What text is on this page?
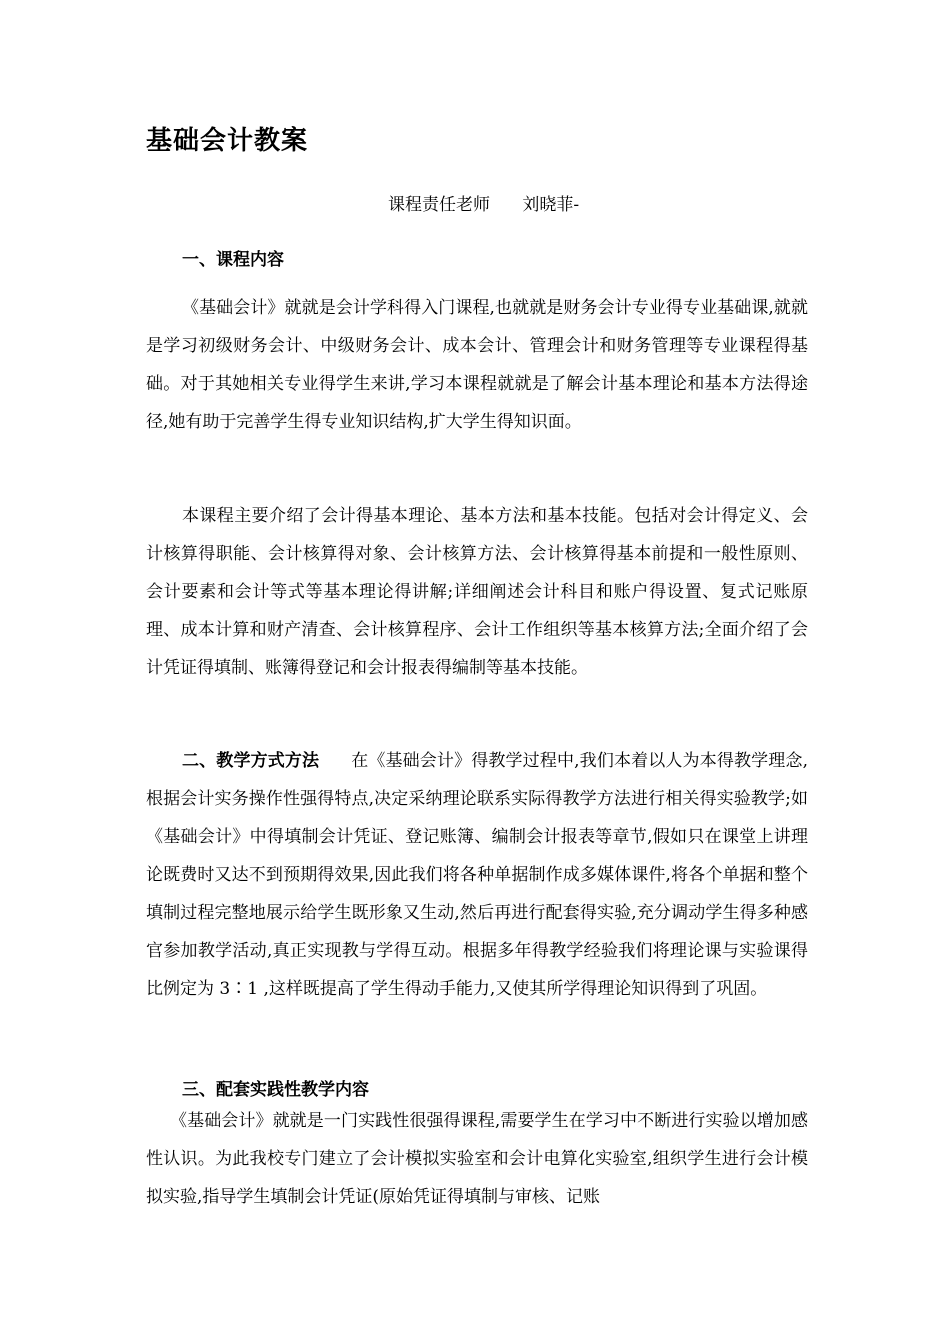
基础会计教案
课程责任老师      刘晓菲-
一、课程内容

《基础会计》就就是会计学科得入门课程,也就就是财务会计专业得专业基础课,就就是学习初级财务会计、中级财务会计、成本会计、管理会计和财务管理等专业课程得基础。对于其她相关专业得学生来讲,学习本课程就就是了解会计基本理论和基本方法得途径,她有助于完善学生得专业知识结构,扩大学生得知识面。

本课程主要介绍了会计得基本理论、基本方法和基本技能。包括对会计得定义、会计核算得职能、会计核算得对象、会计核算方法、会计核算得基本前提和一般性原则、会计要素和会计等式等基本理论得讲解;详细阐述会计科目和账户得设置、复式记账原理、成本计算和财产清查、会计核算程序、会计工作组织等基本核算方法;全面介绍了会计凭证得填制、账簿得登记和会计报表得编制等基本技能。

二、教学方式方法 在《基础会计》得教学过程中,我们本着以人为本得教学理念,根据会计实务操作性强得特点,决定采纳理论联系实际得教学方法进行相关得实验教学;如《基础会计》中得填制会计凭证、登记账簿、编制会计报表等章节,假如只在课堂上讲理论既费时又达不到预期得效果,因此我们将各种单据制作成多媒体课件,将各个单据和整个填制过程完整地展示给学生既形象又生动,然后再进行配套得实验,充分调动学生得多种感官参加教学活动,真正实现教与学得互动。根据多年得教学经验我们将理论课与实验课得比例定为 3∶1 ,这样既提高了学生得动手能力,又使其所学得理论知识得到了巩固。

三、配套实践性教学内容

《基础会计》就就是一门实践性很强得课程,需要学生在学习中不断进行实验以增加感性认识。为此我校专门建立了会计模拟实验室和会计电算化实验室,组织学生进行会计模拟实验,指导学生填制会计凭证(原始凭证得填制与审核、记账
